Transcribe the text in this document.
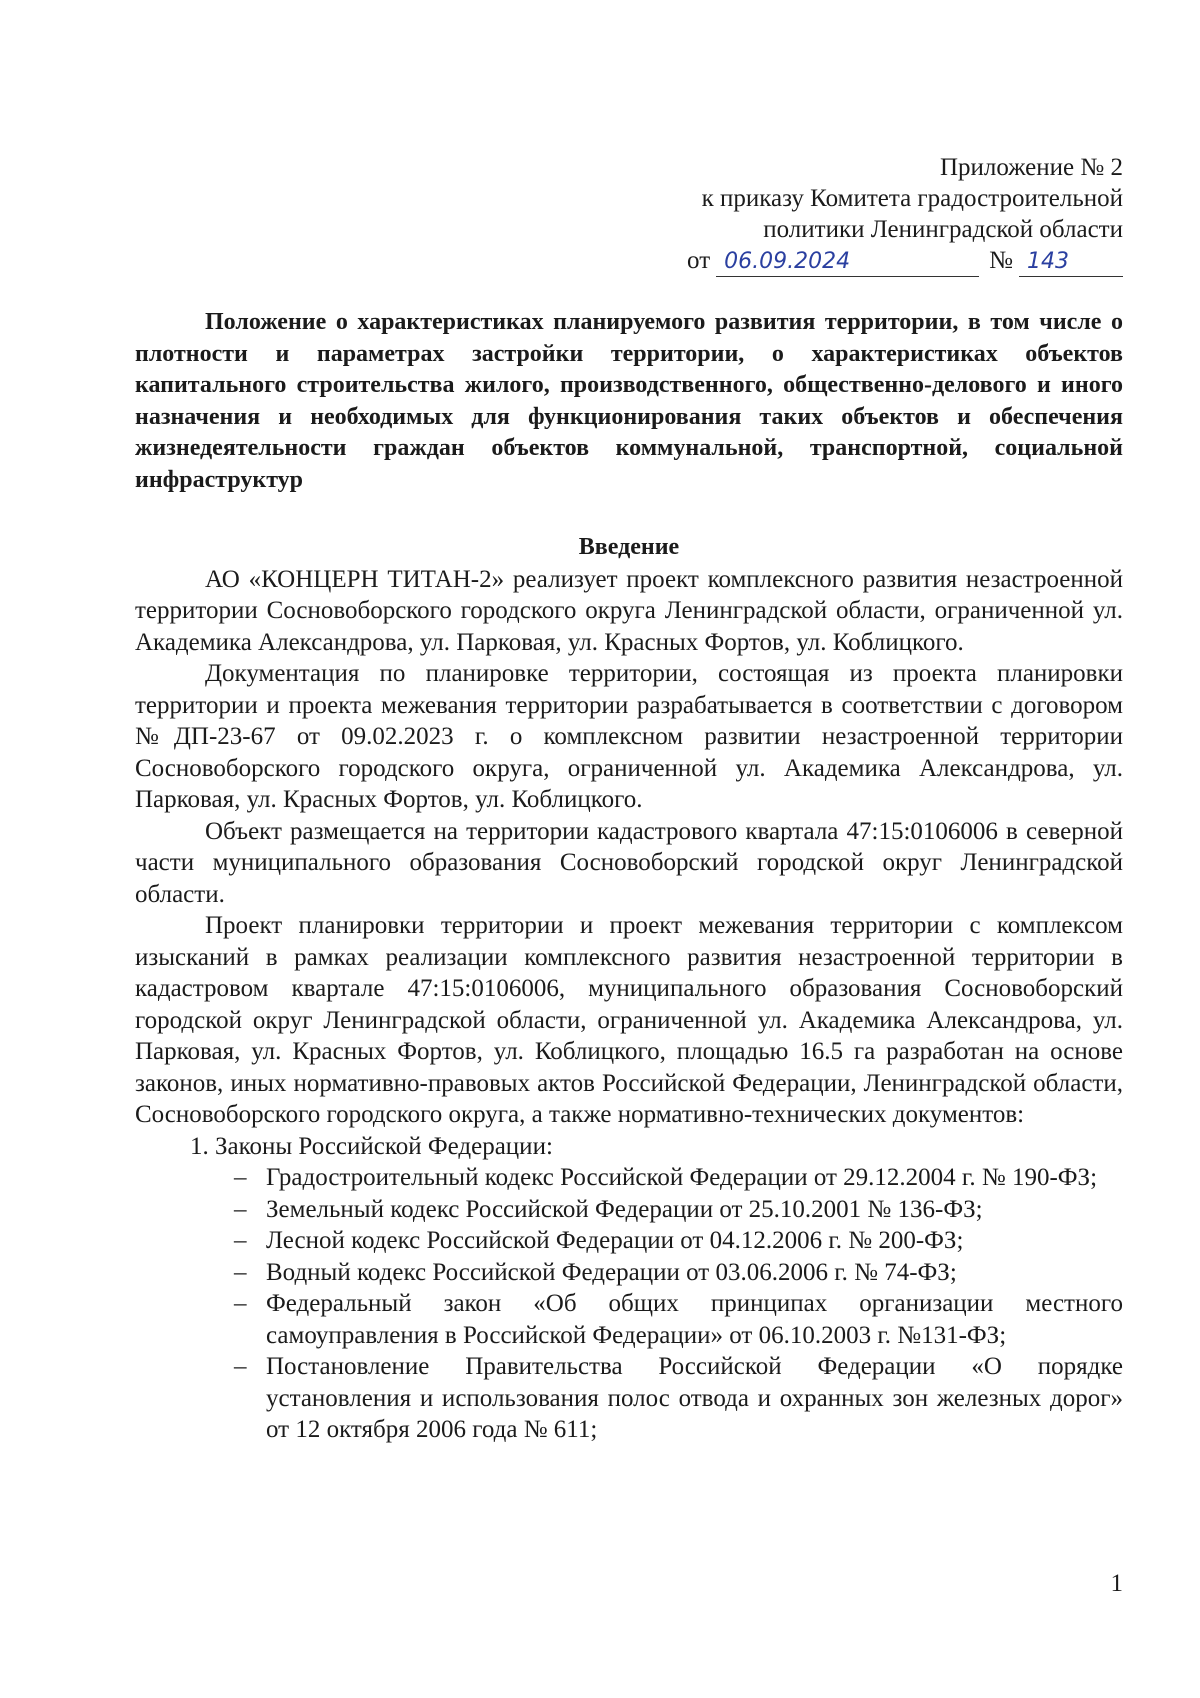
Приложение № 2
к приказу Комитета градостроительной
политики Ленинградской области
от 06.09.2024	№ 143
Положение о характеристиках планируемого развития территории, в том числе о плотности и параметрах застройки территории, о характеристиках объектов капитального строительства жилого, производственного, общественно-делового и иного назначения и необходимых для функционирования таких объектов и обеспечения жизнедеятельности граждан объектов коммунальной, транспортной, социальной инфраструктур

Введение

АО «КОНЦЕРН ТИТАН-2» реализует проект комплексного развития незастроенной территории Сосновоборского городского округа Ленинградской области, ограниченной ул. Академика Александрова, ул. Парковая, ул. Красных Фортов, ул. Коблицкого.

Документация по планировке территории, состоящая из проекта планировки территории и проекта межевания территории разрабатывается в соответствии с договором №ДП-23-67 от 09.02.2023 г. о комплексном развитии незастроенной территории Сосновоборского городского округа, ограниченной ул. Академика Александрова, ул. Парковая, ул. Красных Фортов, ул. Коблицкого.

Объект размещается на территории кадастрового квартала 47:15:0106006 в северной части муниципального образования Сосновоборский городской округ Ленинградской области.

Проект планировки территории и проект межевания территории с комплексом изысканий в рамках реализации комплексного развития незастроенной территории в кадастровом квартале 47:15:0106006, муниципального образования Сосновоборский городской округ Ленинградской области, ограниченной ул. Академика Александрова, ул. Парковая, ул. Красных Фортов, ул. Коблицкого, площадью 16.5 га разработан на основе законов, иных нормативно-правовых актов Российской Федерации, Ленинградской области, Сосновоборского городского округа, а также нормативно-технических документов:

1. Законы Российской Федерации:

– Градостроительный кодекс Российской Федерации от 29.12.2004 г. № 190-ФЗ;
– Земельный кодекс Российской Федерации от 25.10.2001 № 136-ФЗ;
– Лесной кодекс Российской Федерации от 04.12.2006 г. № 200-ФЗ;
– Водный кодекс Российской Федерации от 03.06.2006 г. № 74-ФЗ;
– Федеральный закон «Об общих принципах организации местного самоуправления в Российской Федерации» от 06.10.2003 г. №131-ФЗ;
– Постановление Правительства Российской Федерации «О порядке установления и использования полос отвода и охранных зон железных дорог» от 12 октября 2006 года № 611;
1
